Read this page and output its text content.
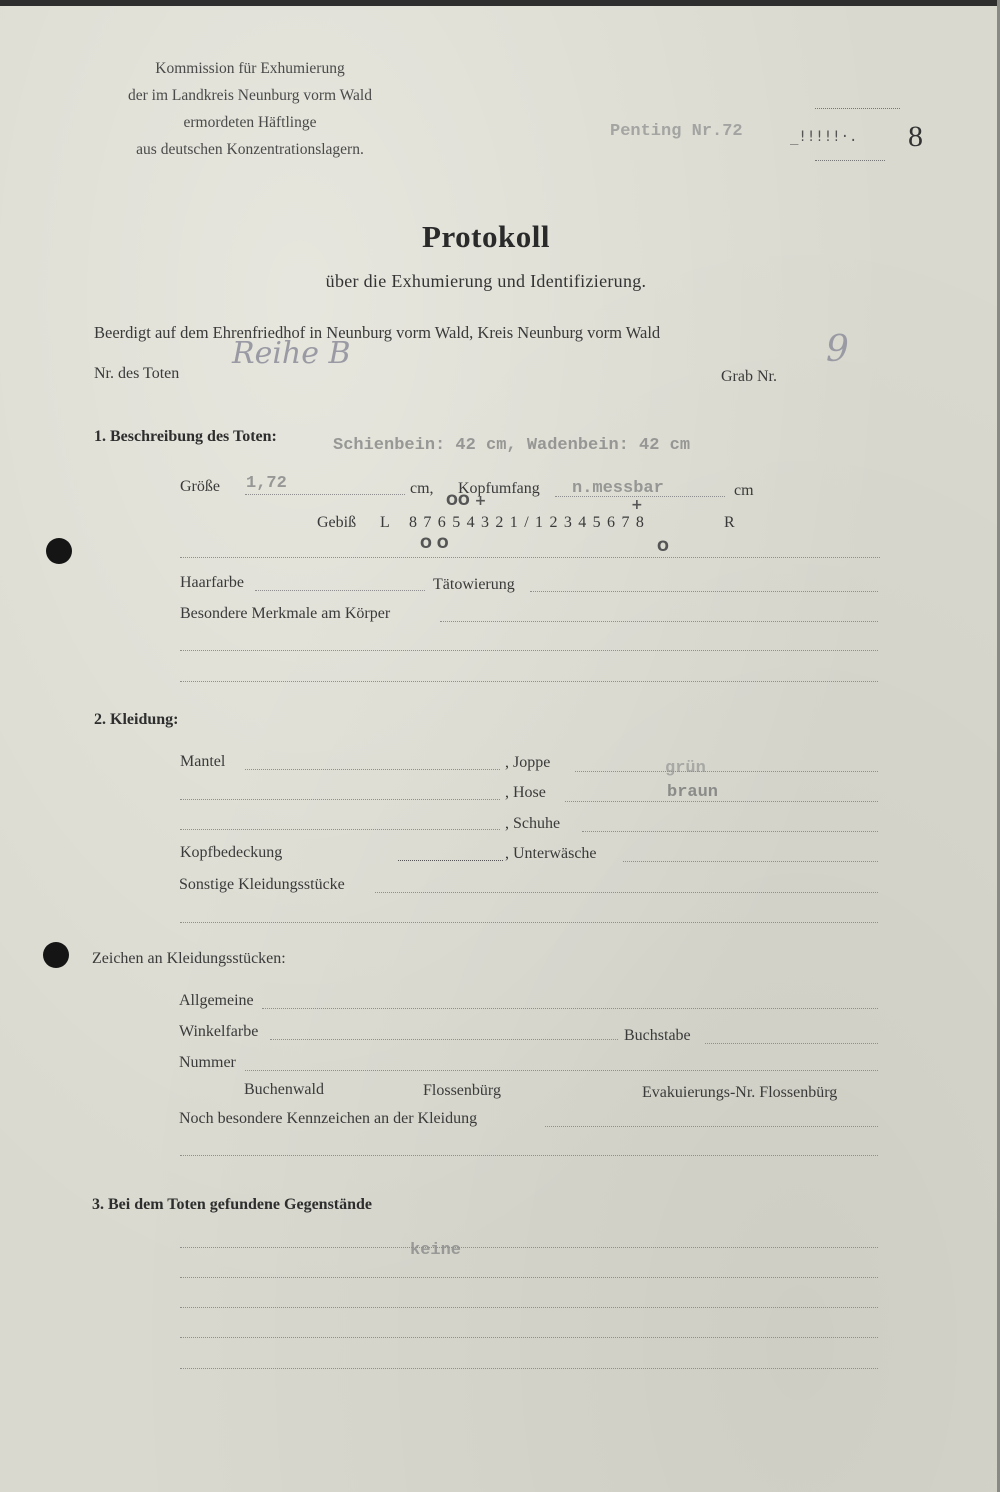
Kommission für Exhumierung
der im Landkreis Neunburg vorm Wald
ermordeten Häftlinge
aus deutschen Konzentrationslagern.
Penting Nr.72	_!!!!!·. 8
Protokoll
über die Exhumierung und Identifizierung.
Beerdigt auf dem Ehrenfriedhof in Neunburg vorm Wald, Kreis Neunburg vorm Wald
Nr. des Toten
Reihe B
Grab Nr.
9
1. Beschreibung des Toten:	Schienbein: 42 cm, Wadenbein: 42 cm
Größe 1,72	cm, Kopfumfang n.messbar	cm
OO +	+
Gebiß L 8 7 6 5 4 3 2 1 / 1 2 3 4 5 6 7 8	R
O O	O
Haarfarbe	Tätowierung
Besondere Merkmale am Körper
2. Kleidung:
Mantel	, Joppe	grün
, Hose	braun
, Schuhe
Kopfbedeckung	, Unterwäsche
Sonstige Kleidungsstücke
Zeichen an Kleidungsstücken:
Allgemeine
Winkelfarbe	Buchstabe
Nummer
Buchenwald	Flossenbürg	Evakuierungs-Nr. Flossenbürg
Noch besondere Kennzeichen an der Kleidung
3. Bei dem Toten gefundene Gegenstände
keine
